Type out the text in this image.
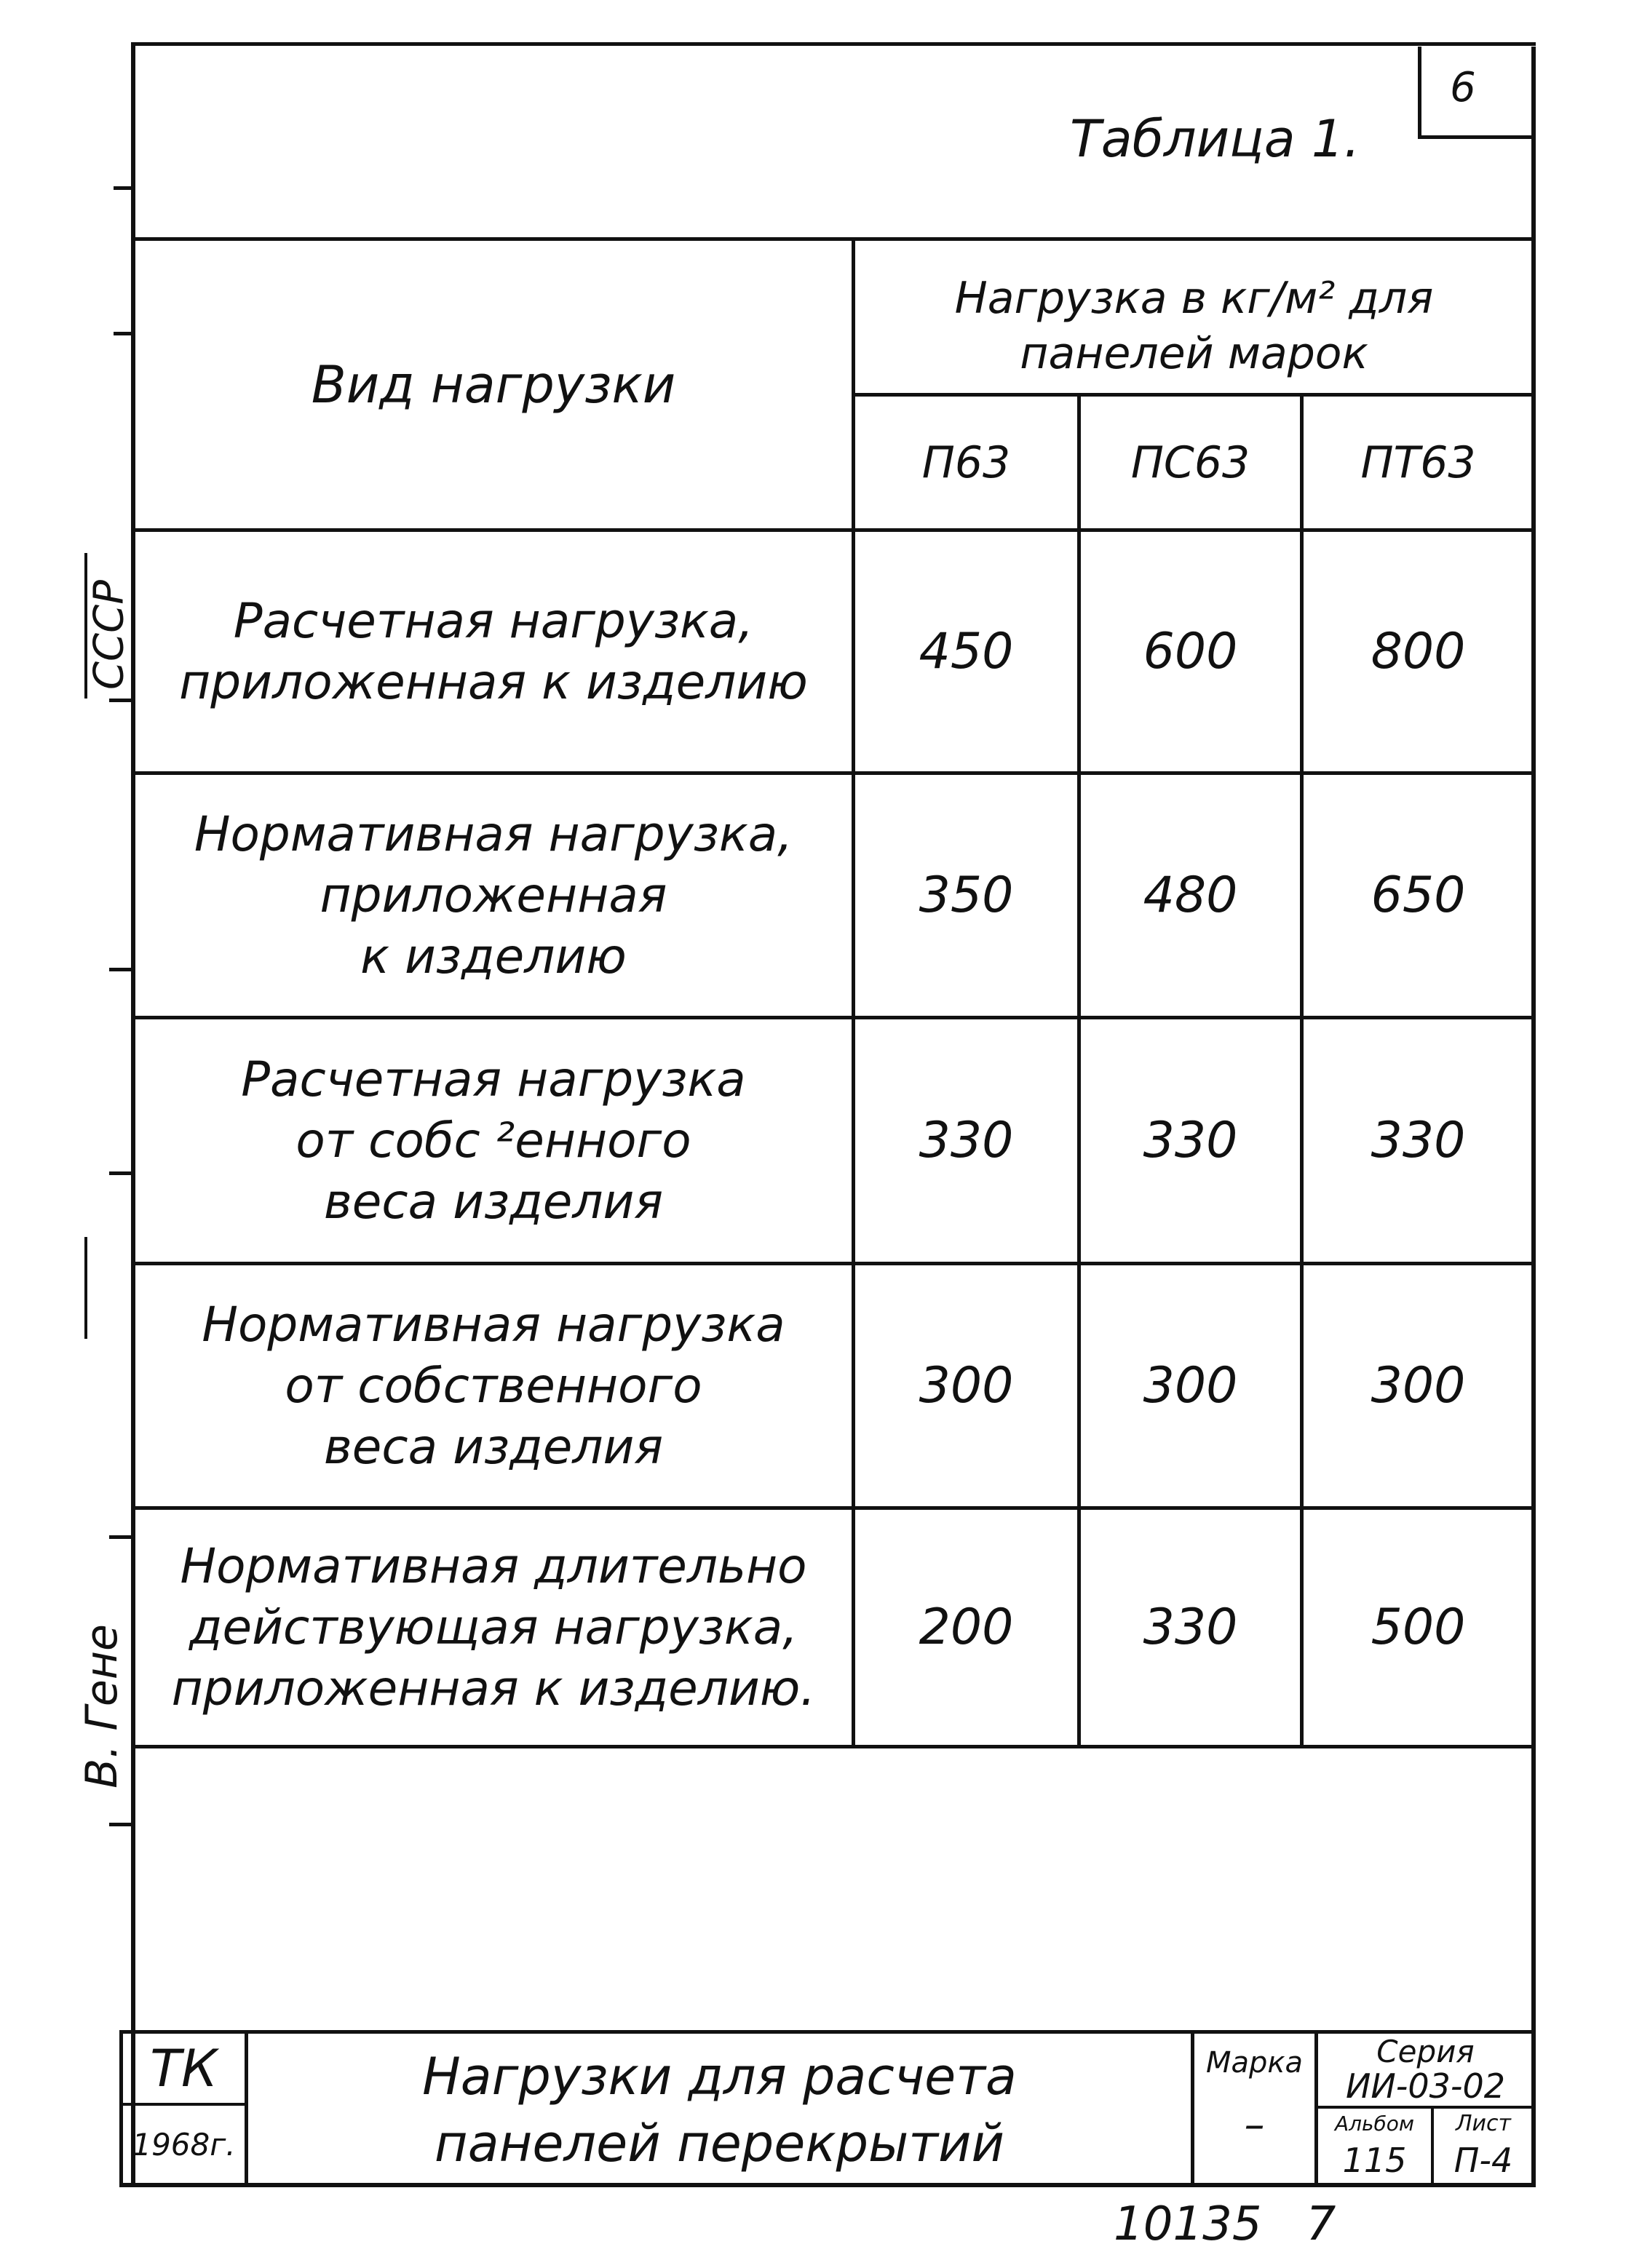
СССР
В. Гене
6
Таблица 1.
Вид нагрузки
Нагрузка в кг/м² для
панелей марок
П63	ПС63	ПТ63
Расчетная нагрузка,
приложенная к изделию
450	600	800
Нормативная нагрузка,
приложенная
к изделию
350	480	650
Расчетная нагрузка
от собс ²енного
веса изделия
330	330	330
Нормативная нагрузка
от собственного
веса изделия
300	300	300
Нормативная длительно
действующая нагрузка,
приложенная к изделию.
200	330	500
ТК
1968г.
Нагрузки для расчета
панелей перекрытий
Марка
–
Серия
ИИ-03-02
Альбом
115
Лист
П-4
10135   7
